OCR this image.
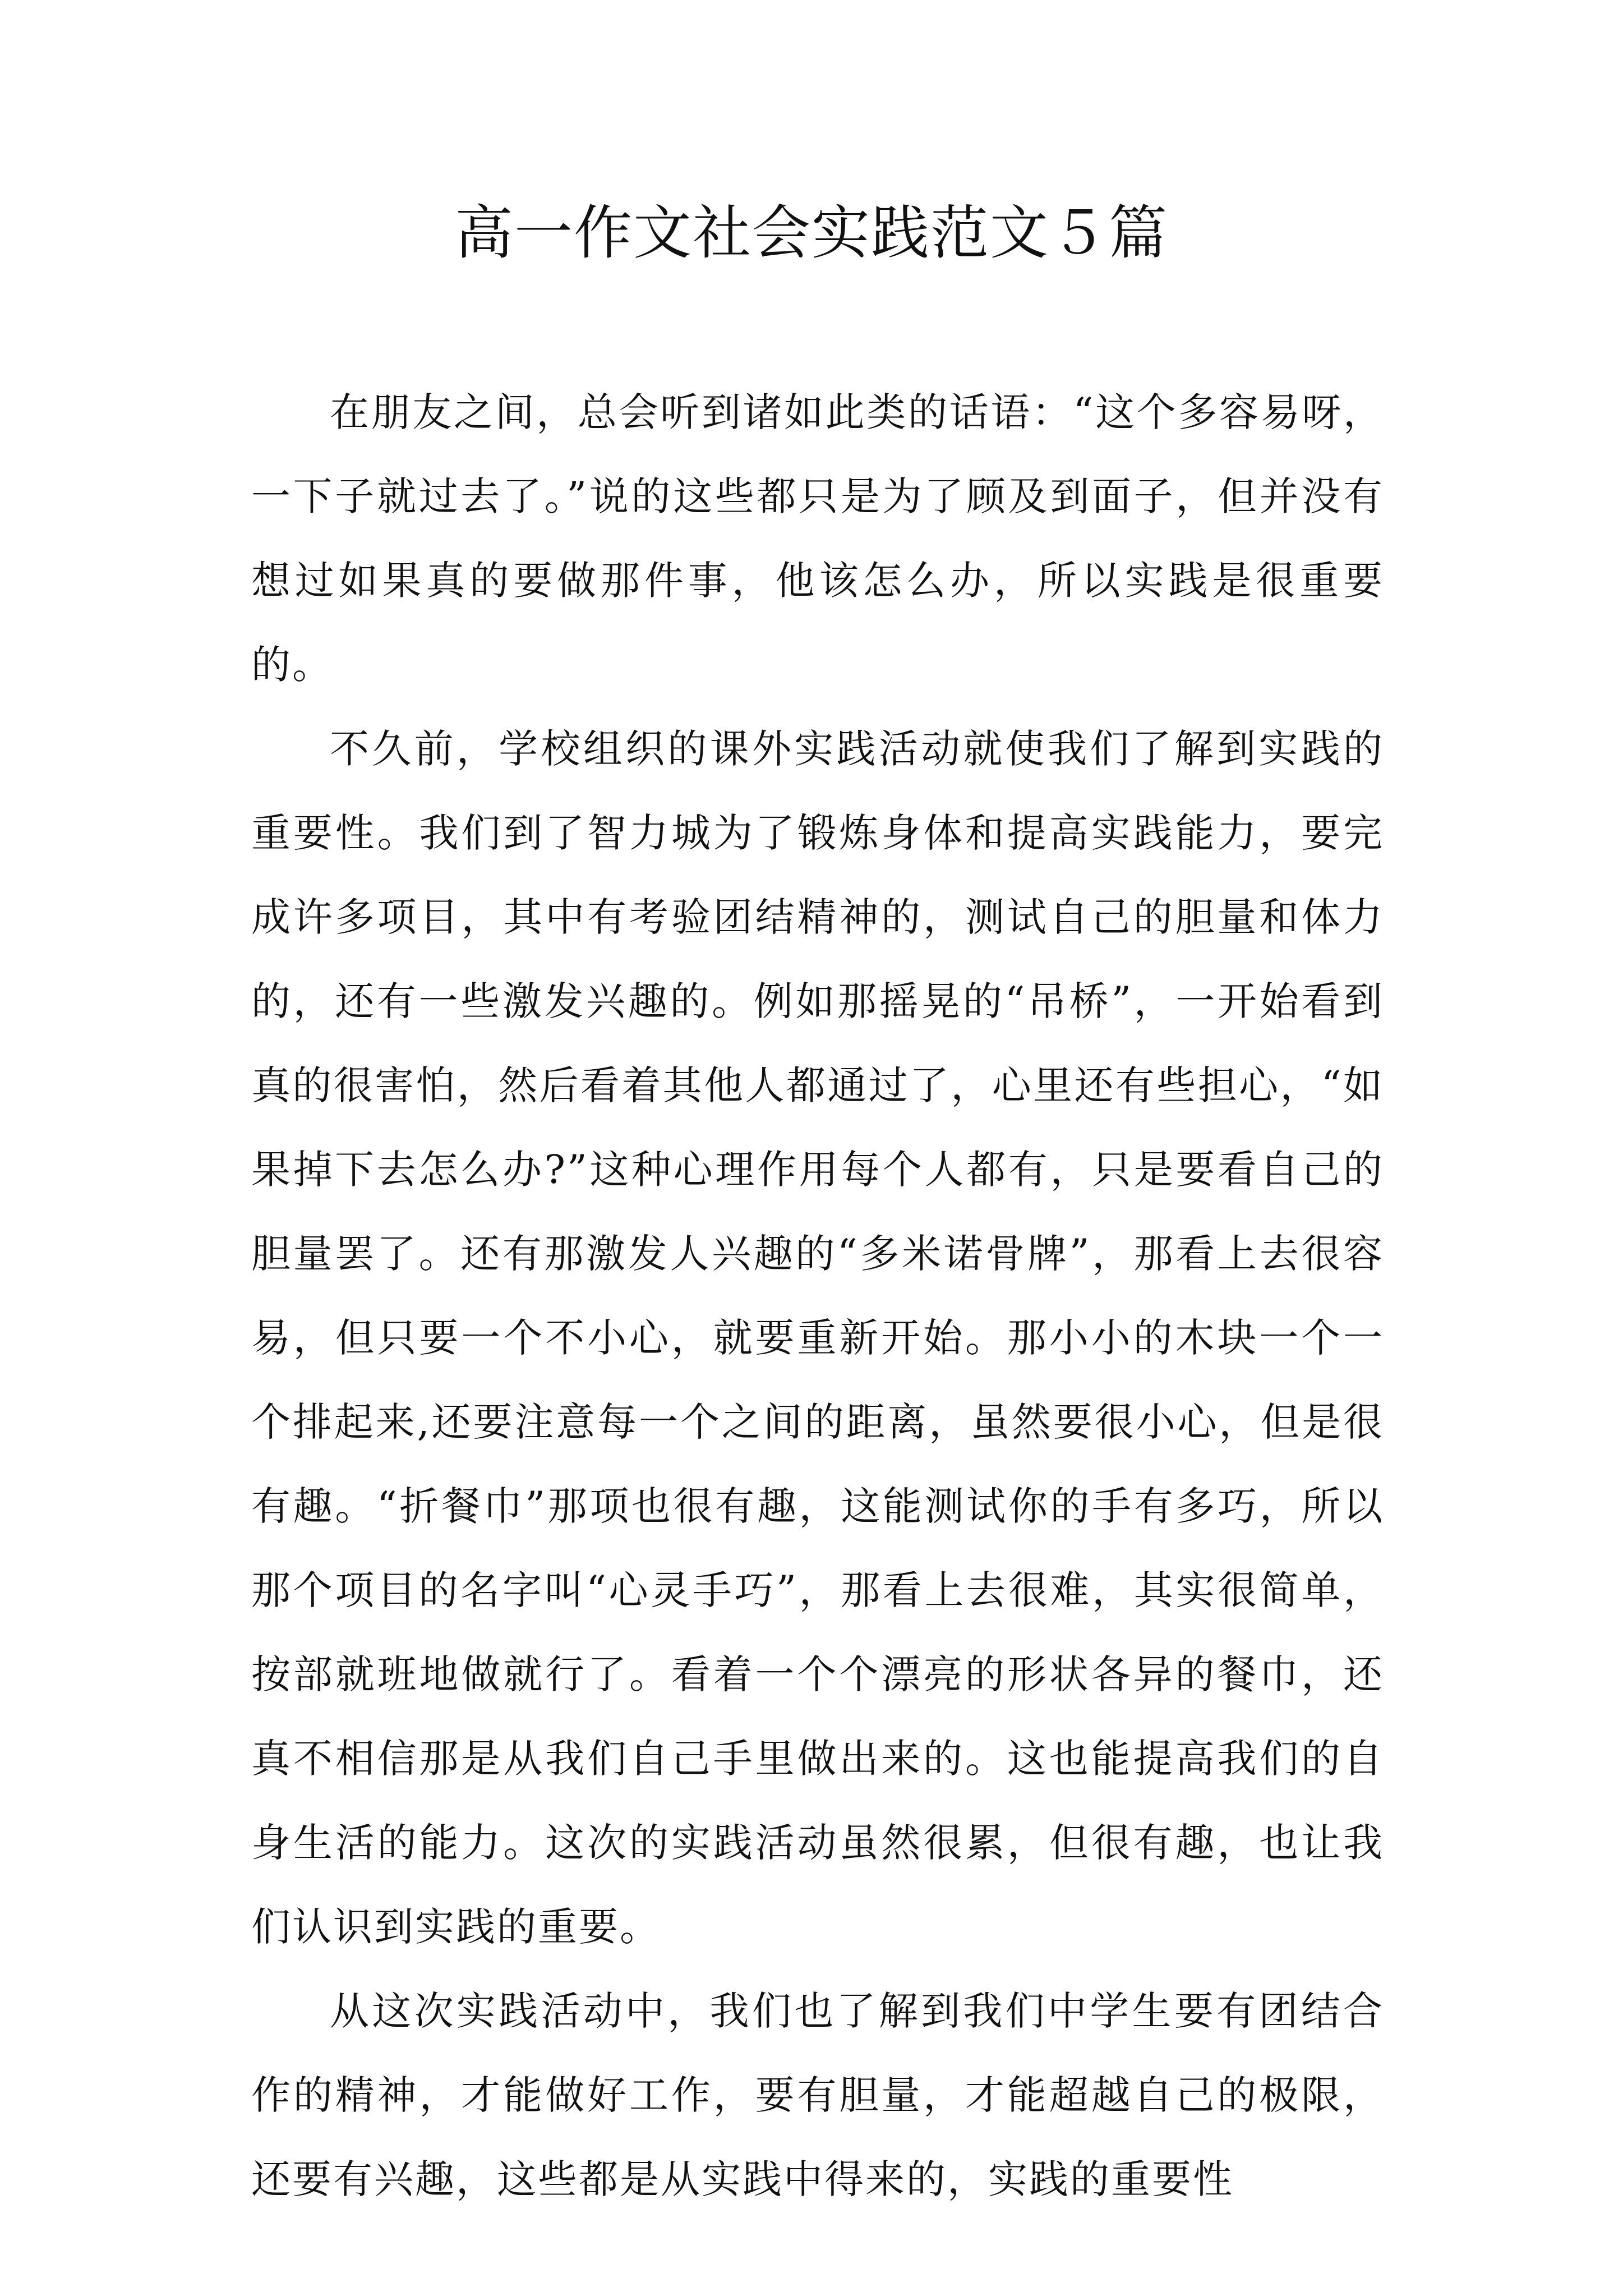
高一作文社会实践范文５篇

在朋友之间，总会听到诸如此类的话语：“这个多容易呀，一下子就过去了。”说的这些都只是为了顾及到面子，但并没有想过如果真的要做那件事，他该怎么办，所以实践是很重要的。

不久前，学校组织的课外实践活动就使我们了解到实践的重要性。我们到了智力城为了锻炼身体和提高实践能力，要完成许多项目，其中有考验团结精神的，测试自己的胆量和体力的，还有一些激发兴趣的。例如那摇晃的“吊桥”，一开始看到真的很害怕，然后看着其他人都通过了，心里还有些担心，“如果掉下去怎么办?”这种心理作用每个人都有，只是要看自己的胆量罢了。还有那激发人兴趣的“多米诺骨牌”，那看上去很容易，但只要一个不小心，就要重新开始。那小小的木块一个一个排起来,还要注意每一个之间的距离，虽然要很小心，但是很有趣。“折餐巾”那项也很有趣，这能测试你的手有多巧，所以那个项目的名字叫“心灵手巧”，那看上去很难，其实很简单，按部就班地做就行了。看着一个个漂亮的形状各异的餐巾，还真不相信那是从我们自己手里做出来的。这也能提高我们的自身生活的能力。这次的实践活动虽然很累，但很有趣，也让我们认识到实践的重要。

从这次实践活动中，我们也了解到我们中学生要有团结合作的精神，才能做好工作，要有胆量，才能超越自己的极限，还要有兴趣，这些都是从实践中得来的，实践的重要性
